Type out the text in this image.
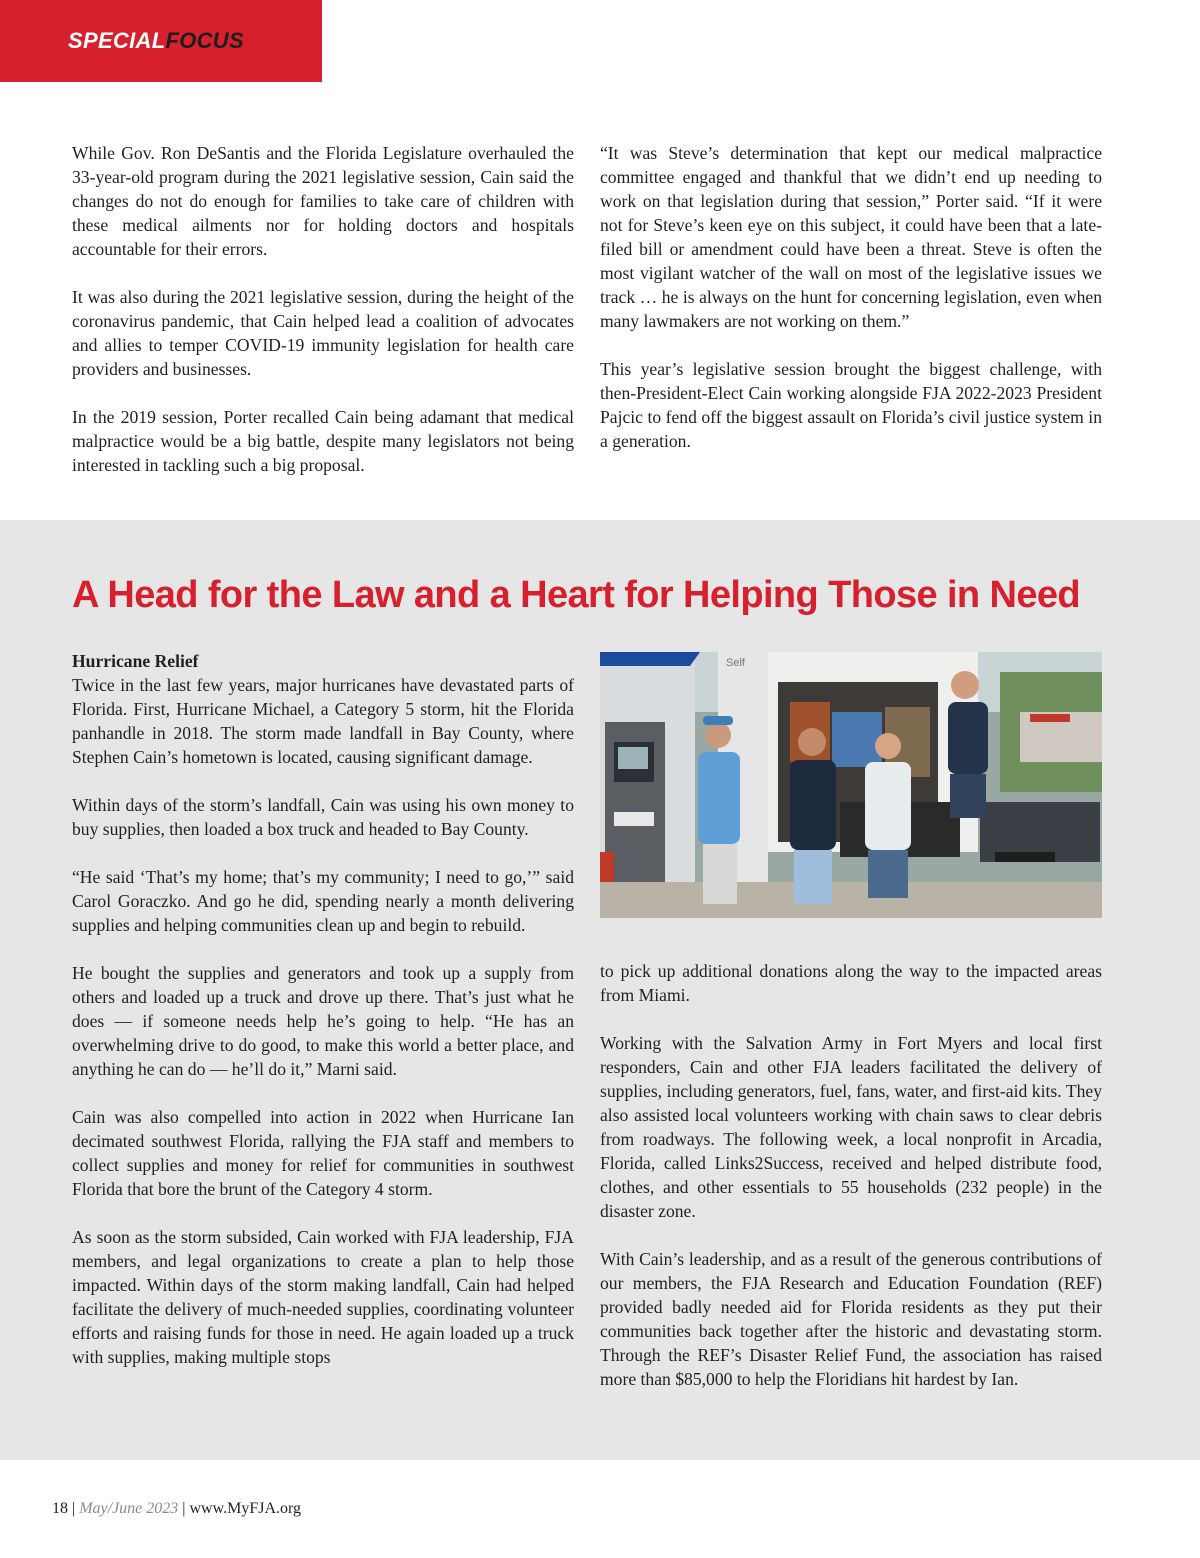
SPECIALFOCUS

While Gov. Ron DeSantis and the Florida Legislature overhauled the 33-year-old program during the 2021 legislative session, Cain said the changes do not do enough for families to take care of children with these medical ailments nor for holding doctors and hospitals accountable for their errors.

It was also during the 2021 legislative session, during the height of the coronavirus pandemic, that Cain helped lead a coalition of advocates and allies to temper COVID-19 immunity legislation for health care providers and businesses.

In the 2019 session, Porter recalled Cain being adamant that medical malpractice would be a big battle, despite many legislators not being interested in tackling such a big proposal.

“It was Steve’s determination that kept our medical malpractice committee engaged and thankful that we didn’t end up needing to work on that legislation during that session,” Porter said. “If it were not for Steve’s keen eye on this subject, it could have been that a late-filed bill or amendment could have been a threat. Steve is often the most vigilant watcher of the wall on most of the legislative issues we track … he is always on the hunt for concerning legislation, even when many lawmakers are not working on them.”

This year’s legislative session brought the biggest challenge, with then-President-Elect Cain working alongside FJA 2022-2023 President Pajcic to fend off the biggest assault on Florida’s civil justice system in a generation.

A Head for the Law and a Heart for Helping Those in Need

Hurricane Relief
Twice in the last few years, major hurricanes have devastated parts of Florida. First, Hurricane Michael, a Category 5 storm, hit the Florida panhandle in 2018. The storm made landfall in Bay County, where Stephen Cain’s hometown is located, causing significant damage.

Within days of the storm’s landfall, Cain was using his own money to buy supplies, then loaded a box truck and headed to Bay County.

“He said ‘That’s my home; that’s my community; I need to go,’” said Carol Goraczko. And go he did, spending nearly a month delivering supplies and helping communities clean up and begin to rebuild.

He bought the supplies and generators and took up a supply from others and loaded up a truck and drove up there. That’s just what he does — if someone needs help he’s going to help. “He has an overwhelming drive to do good, to make this world a better place, and anything he can do — he’ll do it,” Marni said.

Cain was also compelled into action in 2022 when Hurricane Ian decimated southwest Florida, rallying the FJA staff and members to collect supplies and money for relief for communities in southwest Florida that bore the brunt of the Category 4 storm.

As soon as the storm subsided, Cain worked with FJA leadership, FJA members, and legal organizations to create a plan to help those impacted. Within days of the storm making landfall, Cain had helped facilitate the delivery of much-needed supplies, coordinating volunteer efforts and raising funds for those in need. He again loaded up a truck with supplies, making multiple stops

Self

to pick up additional donations along the way to the impacted areas from Miami.

Working with the Salvation Army in Fort Myers and local first responders, Cain and other FJA leaders facilitated the delivery of supplies, including generators, fuel, fans, water, and first-aid kits. They also assisted local volunteers working with chain saws to clear debris from roadways. The following week, a local nonprofit in Arcadia, Florida, called Links2Success, received and helped distribute food, clothes, and other essentials to 55 households (232 people) in the disaster zone.

With Cain’s leadership, and as a result of the generous contributions of our members, the FJA Research and Education Foundation (REF) provided badly needed aid for Florida residents as they put their communities back together after the historic and devastating storm. Through the REF’s Disaster Relief Fund, the association has raised more than $85,000 to help the Floridians hit hardest by Ian.

18 | May/June 2023 | www.MyFJA.org
